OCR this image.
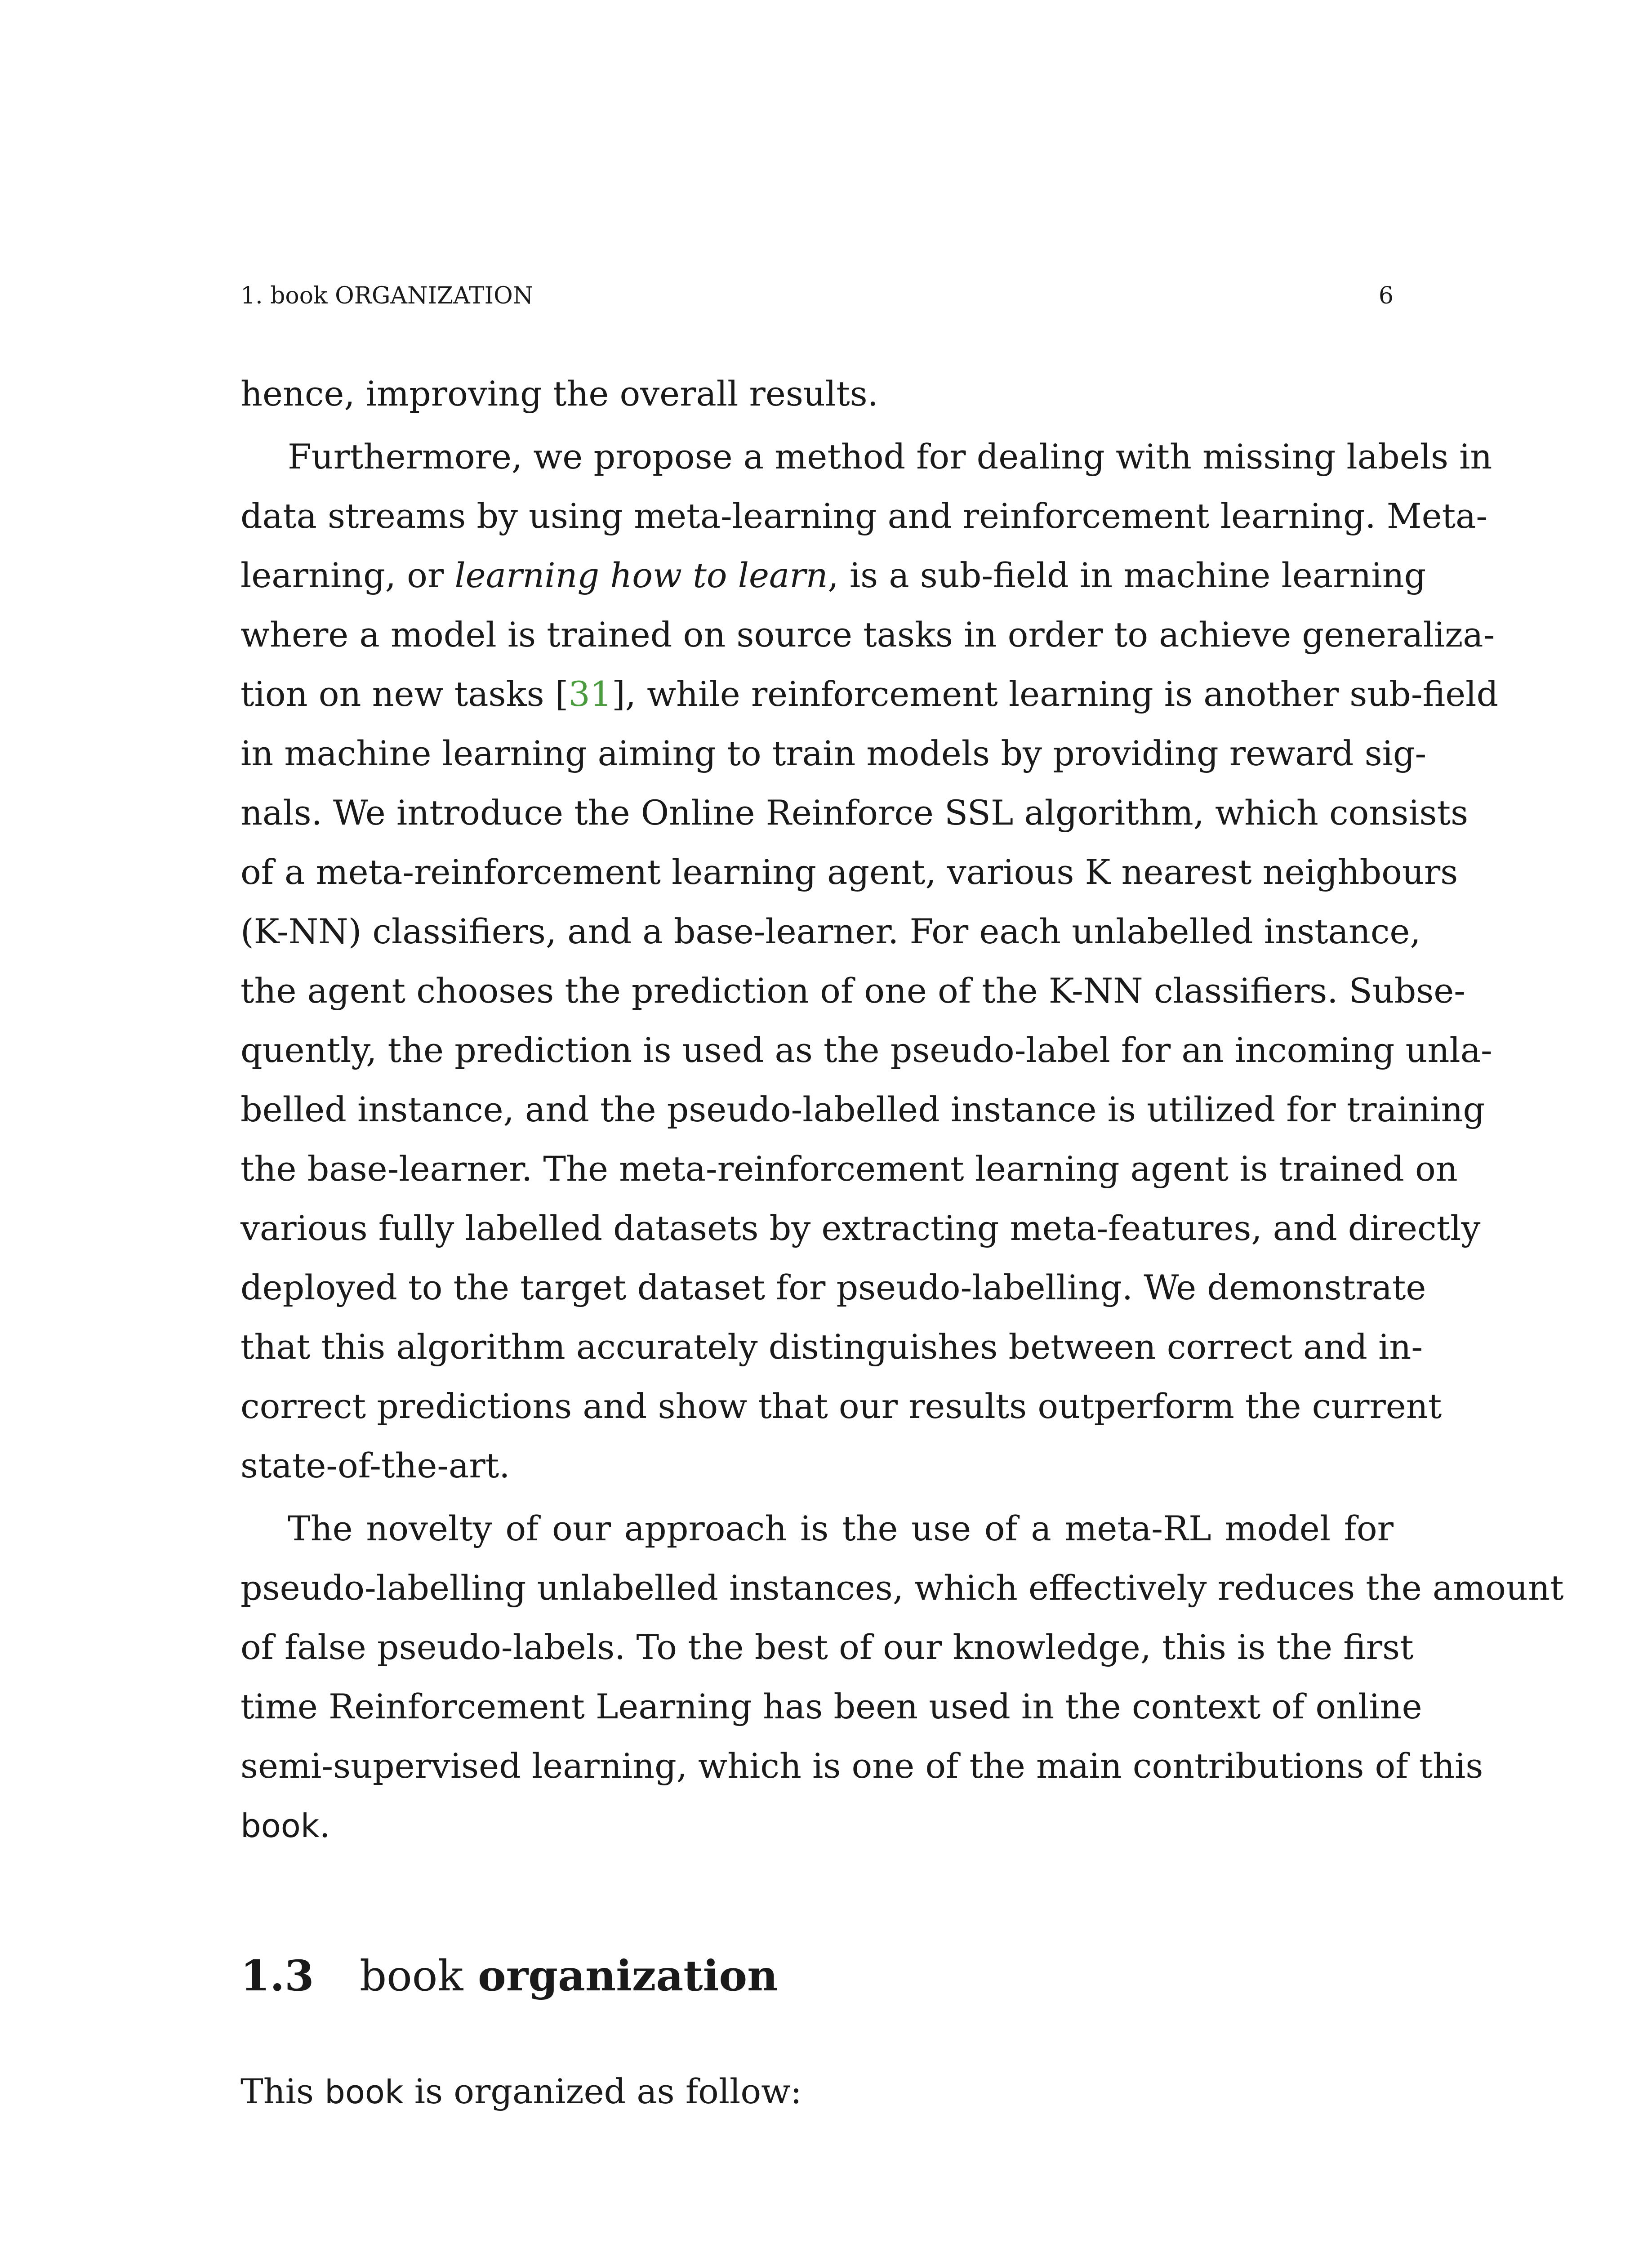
1. book ORGANIZATION	6
hence, improving the overall results.
Furthermore, we propose a method for dealing with missing labels in
data streams by using meta-learning and reinforcement learning. Meta-
learning, or learning how to learn, is a sub-field in machine learning
where a model is trained on source tasks in order to achieve generaliza-
tion on new tasks [31], while reinforcement learning is another sub-field
in machine learning aiming to train models by providing reward sig-
nals. We introduce the Online Reinforce SSL algorithm, which consists
of a meta-reinforcement learning agent, various K nearest neighbours
(K-NN) classifiers, and a base-learner. For each unlabelled instance,
the agent chooses the prediction of one of the K-NN classifiers. Subse-
quently, the prediction is used as the pseudo-label for an incoming unla-
belled instance, and the pseudo-labelled instance is utilized for training
the base-learner. The meta-reinforcement learning agent is trained on
various fully labelled datasets by extracting meta-features, and directly
deployed to the target dataset for pseudo-labelling. We demonstrate
that this algorithm accurately distinguishes between correct and in-
correct predictions and show that our results outperform the current
state-of-the-art.
The novelty of our approach is the use of a meta-RL model for
pseudo-labelling unlabelled instances, which effectively reduces the amount
of false pseudo-labels. To the best of our knowledge, this is the first
time Reinforcement Learning has been used in the context of online
semi-supervised learning, which is one of the main contributions of this
book.
1.3 book organization
This book is organized as follow:
